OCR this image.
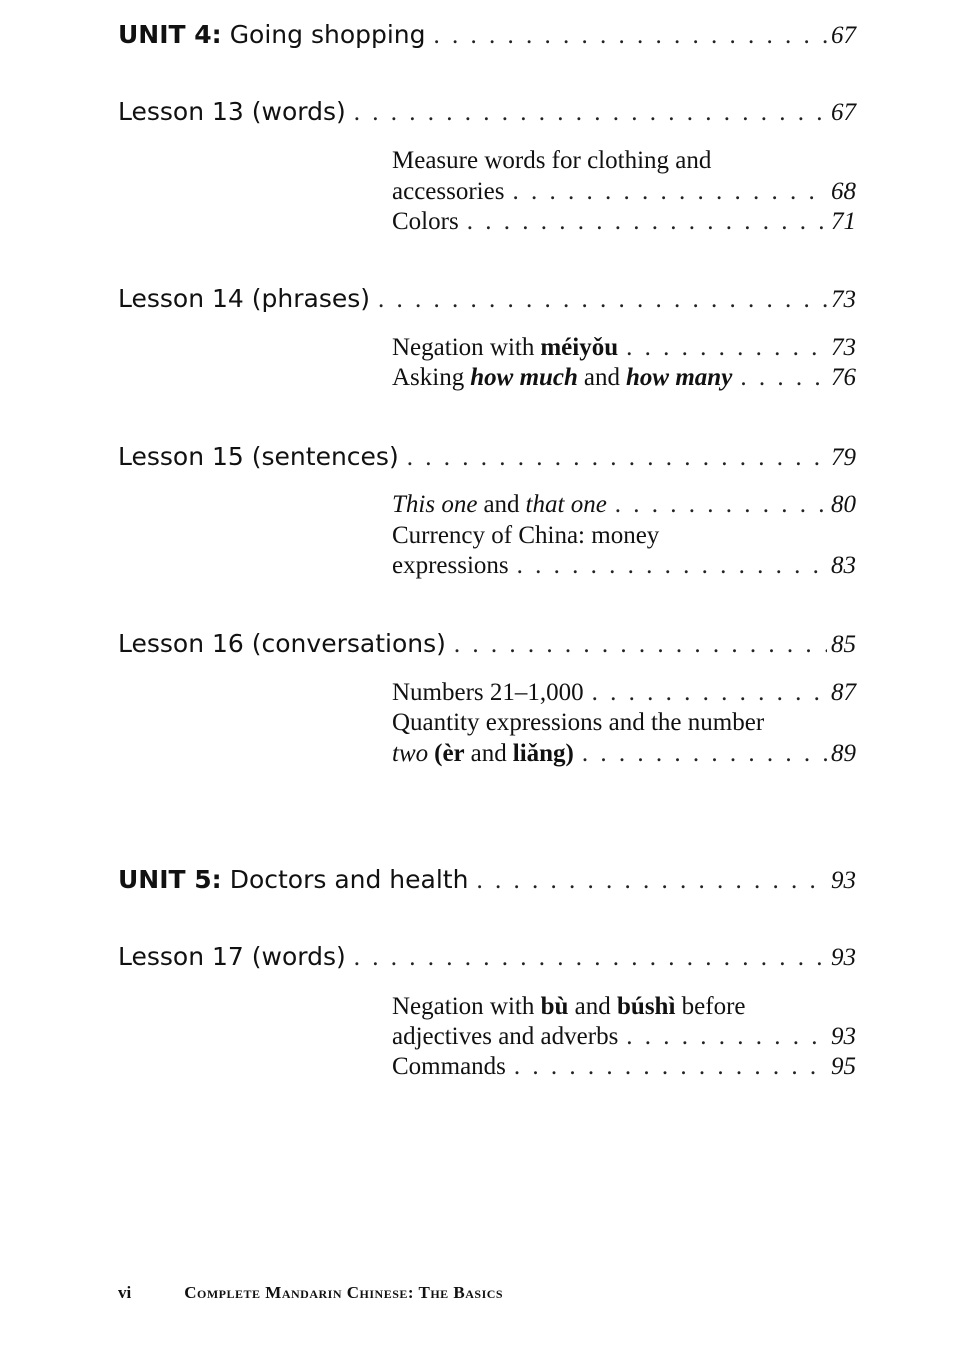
UNIT 4: Going shopping . . .	67
Lesson 13 (words) . . .	67
Measure words for clothing and
accessories . . .	68
Colors . . .	71
Lesson 14 (phrases) . . .	73
Negation with méiyǒu . . .	73
Asking how much and how many . . .	76
Lesson 15 (sentences) . . .	79
This one and that one . . .	80
Currency of China: money
expressions . . .	83
Lesson 16 (conversations) . . .	85
Numbers 21–1,000 . . .	87
Quantity expressions and the number
two (èr and liǎng) . . .	89
UNIT 5: Doctors and health . . .	93
Lesson 17 (words) . . .	93
Negation with bù and búshì before
adjectives and adverbs . . .	93
Commands . . .	95
vi	Complete Mandarin Chinese: The Basics
